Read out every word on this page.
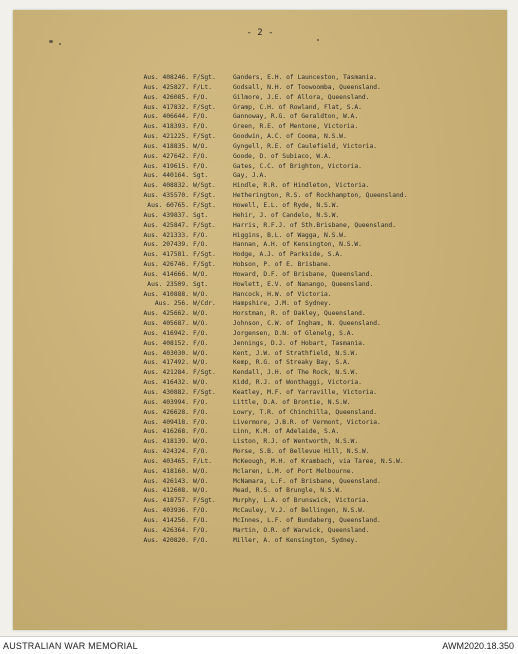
- 2 -
Aus. 408246. F/Sgt.	Ganders, E.H. of Launceston, Tasmania.
Aus. 425827. F/Lt.	Godsall, N.H. of Toowoomba, Queensland.
Aus. 426085. F/O.	Gilmore, J.E. of Allora, Queensland.
Aus. 417832. F/Sgt.	Gramp, C.H. of Rowland, Flat, S.A.
Aus. 406644. F/O.	Gannoway, R.G. of Geraldton, W.A.
Aus. 418393. F/O.	Green, R.E. of Mentone, Victoria.
Aus. 421225. F/Sgt.	Goodwin, A.C. of Cooma, N.S.W.
Aus. 418835. W/O.	Gyngell, R.E. of Caulefield, Victoria.
Aus. 427642. F/O.	Goode, D. of Subiaco, W.A.
Aus. 419615. F/O.	Gates, C.C. of Brighton, Victoria.
Aus. 440164. Sgt.	Gay, J.A.
Aus. 408832. W/Sgt.	Hindle, R.R. of Hindleton, Victoria.
Aus. 435570. F/Sgt.	Hetherington, R.S. of Rockhampton, Queensland.
Aus. 60765. F/Sgt.	Howell, E.L. of Ryde, N.S.W.
Aus. 439837. Sgt.	Hehir, J. of Candelo, N.S.W.
Aus. 425847. F/Sgt.	Harris, R.F.J. of Sth.Brisbane, Queensland.
Aus. 421333. F/O.	Higgins, B.L. of Wagga, N.S.W.
Aus. 207439. F/O.	Hannan, A.H. of Kensington, N.S.W.
Aus. 417581. F/Sgt.	Hodge, A.J. of Parkside, S.A.
Aus. 426746. F/Sgt.	Hobson, P. of E. Brisbane.
Aus. 414666. W/O.	Howard, D.F. of Brisbane, Queensland.
Aus. 23509. Sgt.	Howlett, E.V. of Nanango, Queensland.
Aus. 410888. W/O.	Hancock, H.W. of Victoria.
Aus. 256. W/Cdr.	Hampshire, J.M. of Sydney.
Aus. 425662. W/O.	Horstman, R. of Oakley, Queensland.
Aus. 405687. W/O.	Johnson, C.W. of Ingham, N. Queensland.
Aus. 416942. F/O.	Jorgensen, D.N. of Glenelg, S.A.
Aus. 408152. F/O.	Jennings, D.J. of Hobart, Tasmania.
Aus. 403030. W/O.	Kent, J.W. of Strathfield, N.S.W.
Aus. 417492. W/O.	Kemp, R.G. of Streaky Bay, S.A.
Aus. 421284. F/Sgt.	Kendall, J.H. of The Rock, N.S.W.
Aus. 416432. W/O.	Kidd, R.J. of Wonthaggi, Victoria.
Aus. 430882. F/Sgt.	Keatley, M.F. of Yarraville, Victoria.
Aus. 403994. F/O.	Little, D.A. of Brontie, N.S.W.
Aus. 426628. F/O.	Lowry, T.R. of Chinchilla, Queensland.
Aus. 409418. F/O.	Livermore, J.B.R. of Vermont, Victoria.
Aus. 416268. F/O.	Linn, K.M. of Adelaide, S.A.
Aus. 418139. W/O.	Liston, R.J. of Wentworth, N.S.W.
Aus. 424324. F/O.	Morse, S.B. of Bellevue Hill, N.S.W.
Aus. 403465. F/Lt.	McKeough, M.H. of Krambach, via Taree, N.S.W.
Aus. 418160. W/O.	Mclaren, L.M. of Port Melbourne.
Aus. 426143. W/O.	McNamara, L.F. of Brisbane, Queensland.
Aus. 412608. W/O.	Mead, R.S. of Brungle, N.S.W.
Aus. 418757. F/Sgt.	Murphy, L.A. of Brunswick, Victoria.
Aus. 403936. F/O.	McCauley, V.J. of Bellingen, N.S.W.
Aus. 414256. F/O.	McInnes, L.F. of Bundaberg, Queensland.
Aus. 426364. F/O.	Martin, O.R. of Warwick, Queensland.
Aus. 420820. F/O.	Miller, A. of Kensington, Sydney.
AUSTRALIAN WAR MEMORIAL	AWM2020.18.350
